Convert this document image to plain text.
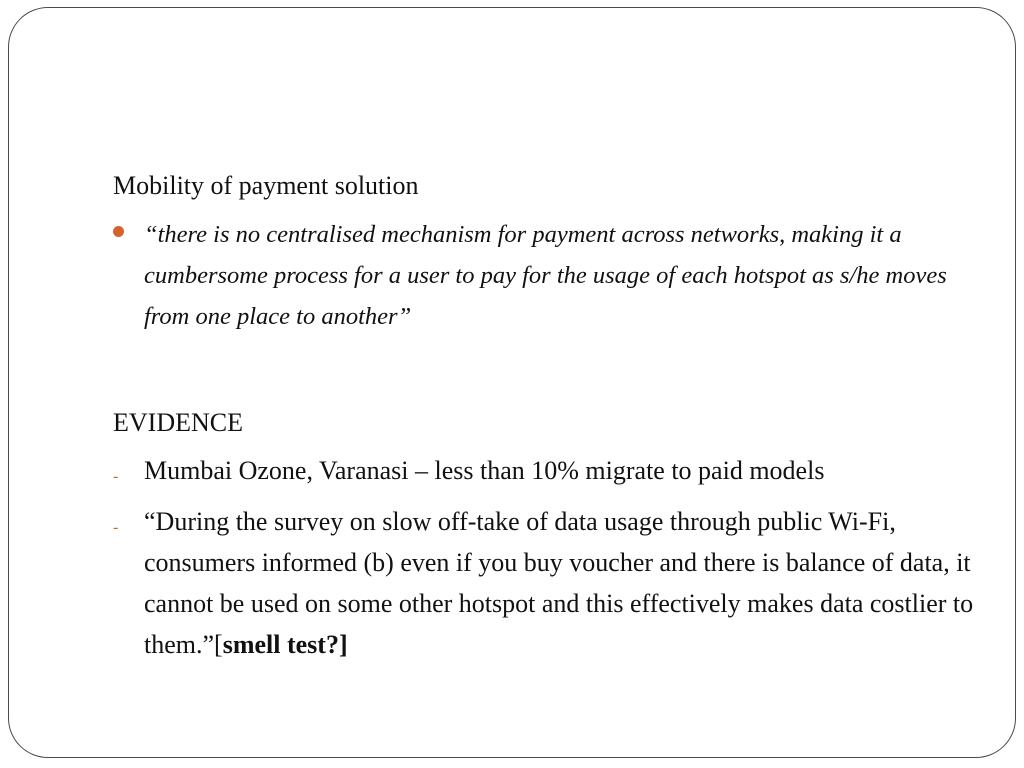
Mobility of payment solution

“there is no centralised mechanism for payment across networks, making it a cumbersome process for a user to pay for the usage of each hotspot as s/he moves from one place to another”

EVIDENCE

- Mumbai Ozone, Varanasi – less than 10% migrate to paid models
- “During the survey on slow off-take of data usage through public Wi-Fi, consumers informed (b) even if you buy voucher and there is balance of data, it cannot be used on some other hotspot and this effectively makes data costlier to them.”[smell test?]
